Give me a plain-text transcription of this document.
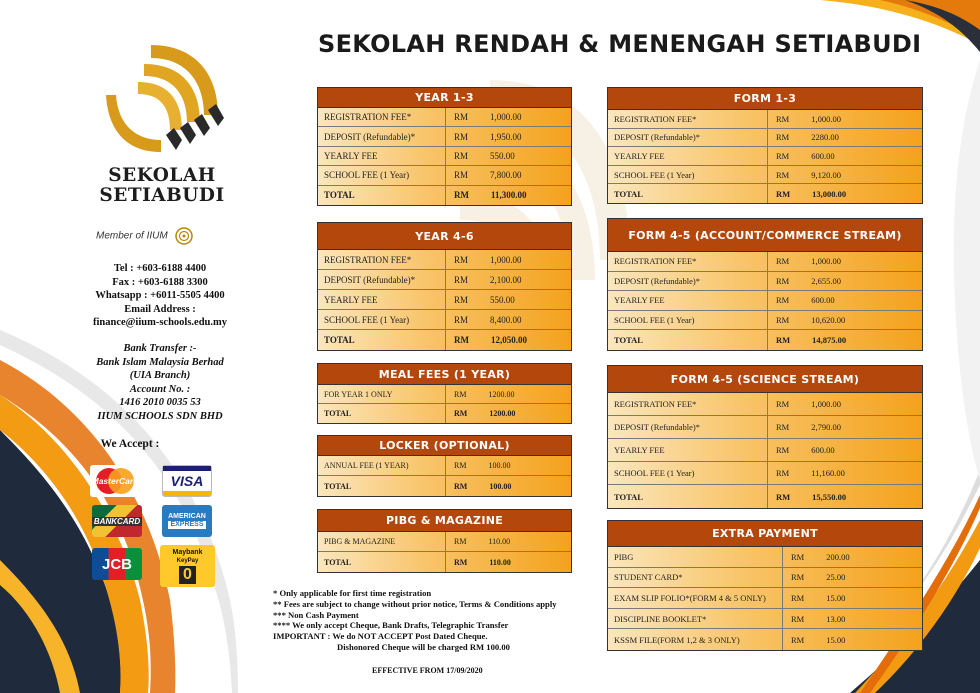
SEKOLAH RENDAH & MENENGAH SETIABUDI
SEKOLAH
SETIABUDI
Member of IIUM
Tel : +603-6188 4400
Fax : +603-6188 3300
Whatsapp : +6011-5505 4400
Email Address :
finance@iium-schools.edu.my
Bank Transfer :-
Bank Islam Malaysia Berhad
(UIA Branch)
Account No. :
1416 2010 0035 53
IIUM SCHOOLS SDN BHD
We Accept :
MasterCard VISA
BANKCARD	AMERICAN
EXPRESS
JCB
Maybank
KeyPay
0
YEAR 1-3
REGISTRATION FEE*	RM 1,000.00
DEPOSIT (Refundable)*	RM 1,950.00
YEARLY FEE	RM 550.00
SCHOOL FEE (1 Year)	RM 7,800.00
TOTAL	RM 11,300.00
YEAR 4-6
REGISTRATION FEE*	RM 1,000.00
DEPOSIT (Refundable)*	RM 2,100.00
YEARLY FEE	RM 550.00
SCHOOL FEE (1 Year)	RM 8,400.00
TOTAL	RM 12,050.00
MEAL FEES (1 YEAR)
FOR YEAR 1 ONLY	RM	1200.00
TOTAL	RM	1200.00
LOCKER (OPTIONAL)
ANNUAL FEE (1 YEAR)	RM	100.00
TOTAL	RM	100.00
PIBG & MAGAZINE
PIBG & MAGAZINE	RM	110.00
TOTAL	RM	110.00
FORM 1-3
REGISTRATION FEE*	RM	1,000.00
DEPOSIT (Refundable)*	RM	2280.00
YEARLY FEE	RM	600.00
SCHOOL FEE (1 Year)	RM	9,120.00
TOTAL	RM	13,000.00
FORM 4-5 (ACCOUNT/COMMERCE STREAM)
REGISTRATION FEE*	RM	1,000.00
DEPOSIT (Refundable)*	RM	2,655.00
YEARLY FEE	RM	600.00
SCHOOL FEE (1 Year)	RM	10,620.00
TOTAL	RM	14,875.00
FORM 4-5 (SCIENCE STREAM)
REGISTRATION FEE*	RM	1,000.00
DEPOSIT (Refundable)*	RM	2,790.00
YEARLY FEE	RM	600.00
SCHOOL FEE (1 Year)	RM	11,160.00
TOTAL	RM	15,550.00
EXTRA PAYMENT
PIBG	RM	200.00
STUDENT CARD*	RM	25.00
EXAM SLIP FOLIO*(FORM 4 & 5 ONLY)	RM	15.00
DISCIPLINE BOOKLET*	RM	13.00
KSSM FILE(FORM 1,2 & 3 ONLY)	RM	15.00
* Only applicable for first time registration
** Fees are subject to change without prior notice, Terms & Conditions apply
*** Non Cash Payment
**** We only accept Cheque, Bank Drafts, Telegraphic Transfer
IMPORTANT : We do NOT ACCEPT Post Dated Cheque.
Dishonored Cheque will be charged RM 100.00
EFFECTIVE FROM 17/09/2020
